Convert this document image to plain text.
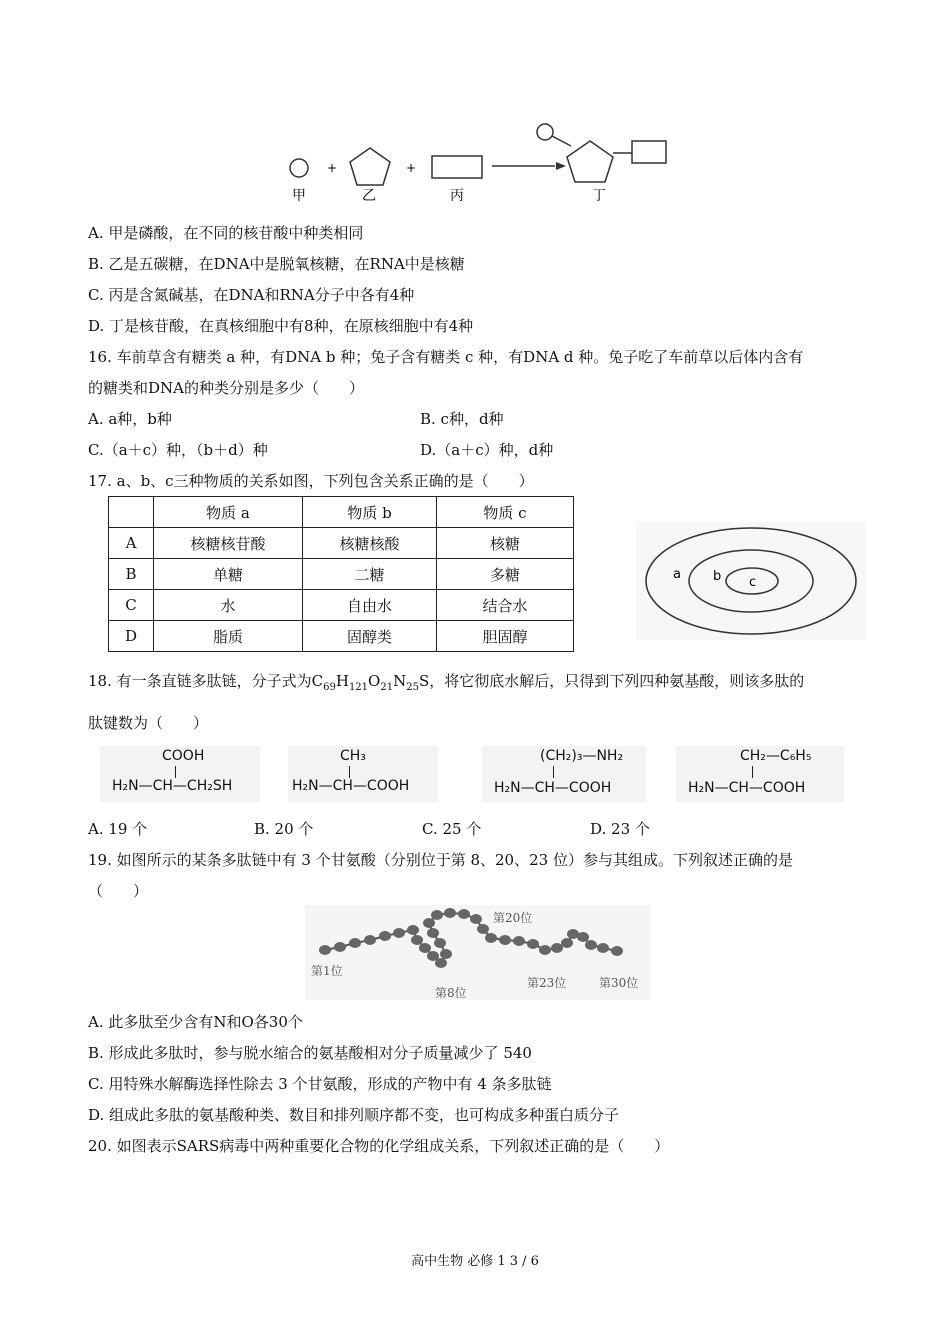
+	+
甲	乙	丙	丁
A. 甲是磷酸，在不同的核苷酸中种类相同
B. 乙是五碳糖，在DNA中是脱氧核糖，在RNA中是核糖
C. 丙是含氮碱基，在DNA和RNA分子中各有4种
D. 丁是核苷酸，在真核细胞中有8种，在原核细胞中有4种
16. 车前草含有糖类 a 种，有DNA b 种；兔子含有糖类 c 种，有DNA d 种。兔子吃了车前草以后体内含有
的糖类和DNA的种类分别是多少（　　）
A. a种，b种	B. c种，d种
C.（a＋c）种，（b＋d）种	D.（a＋c）种，d种
17. a、b、c三种物质的关系如图，下列包含关系正确的是（　　）
	物质 a	物质 b	物质 c
A	核糖核苷酸	核糖核酸	核糖
B	单糖	二糖	多糖
C	水	自由水	结合水
D	脂质	固醇类	胆固醇
a b c
18. 有一条直链多肽链，分子式为$C_{69}H_{121}O_{21}N_{25}S$，将它彻底水解后，只得到下列四种氨基酸，则该多肽的
肽键数为（　　）
COOH
H₂N—CH—CH₂SH
CH₃
H₂N—CH—COOH
(CH₂)₃—NH₂
H₂N—CH—COOH
CH₂—C₆H₅
H₂N—CH—COOH
A. 19 个	B. 20 个	C. 25 个	D. 23 个
19. 如图所示的某条多肽链中有 3 个甘氨酸（分别位于第 8、20、23 位）参与其组成。下列叙述正确的是
（　　）
第1位
第8位
第20位
第23位	第30位
A. 此多肽至少含有N和O各30个
B. 形成此多肽时，参与脱水缩合的氨基酸相对分子质量减少了 540
C. 用特殊水解酶选择性除去 3 个甘氨酸，形成的产物中有 4 条多肽链
D. 组成此多肽的氨基酸种类、数目和排列顺序都不变，也可构成多种蛋白质分子
20. 如图表示SARS病毒中两种重要化合物的化学组成关系，下列叙述正确的是（　　）
高中生物 必修 1 3 / 6
